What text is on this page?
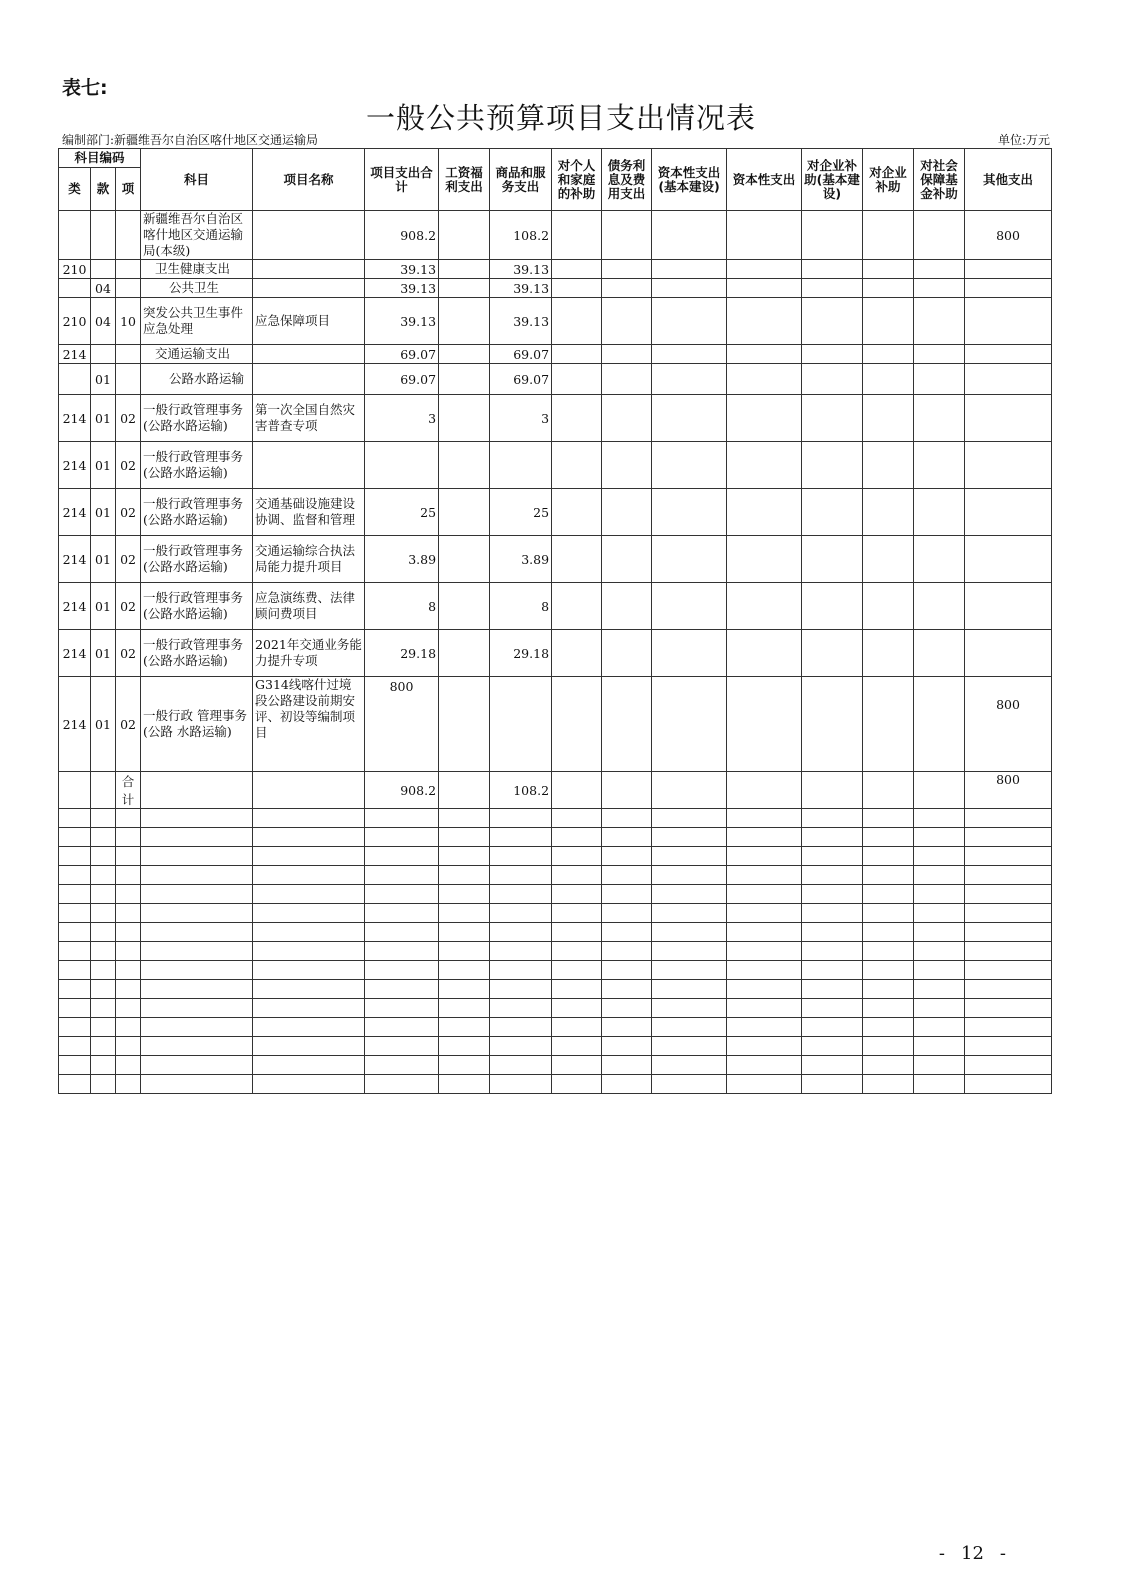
表七:
一般公共预算项目支出情况表
编制部门:新疆维吾尔自治区喀什地区交通运输局	单位:万元
科目编码			科目	项目名称	项目支出合计	工资福利支出	商品和服务支出	对个人和家庭的补助	债务利息及费用支出	资本性支出(基本建设)	资本性支出	对企业补助(基本建设)	对企业补助	对社会保障基金补助	其他支出
类	款	项													
			新疆维吾尔自治区喀什地区交通运输局(本级)		908.2		108.2								800
210			卫生健康支出		39.13		39.13								
	04		公共卫生		39.13		39.13								
210	04	10	突发公共卫生事件应急处理	应急保障项目	39.13		39.13								
214			交通运输支出		69.07		69.07								
	01		公路水路运输		69.07		69.07								
214	01	02	一般行政管理事务(公路水路运输)	第一次全国自然灾害普查专项	3		3								
214	01	02	一般行政管理事务(公路水路运输)												
214	01	02	一般行政管理事务(公路水路运输)	交通基础设施建设协调、监督和管理	25		25								
214	01	02	一般行政管理事务(公路水路运输)	交通运输综合执法局能力提升项目	3.89		3.89								
214	01	02	一般行政管理事务(公路水路运输)	应急演练费、法律顾问费项目	8		8								
214	01	02	一般行政管理事务(公路水路运输)	2021年交通业务能力提升专项	29.18		29.18								
214	01	02	一般行政 管理事务(公路 水路运输)	G314线喀什过境段公路建设前期安评、初设等编制项目	800										800
		合计			908.2		108.2								800

- 12 -
